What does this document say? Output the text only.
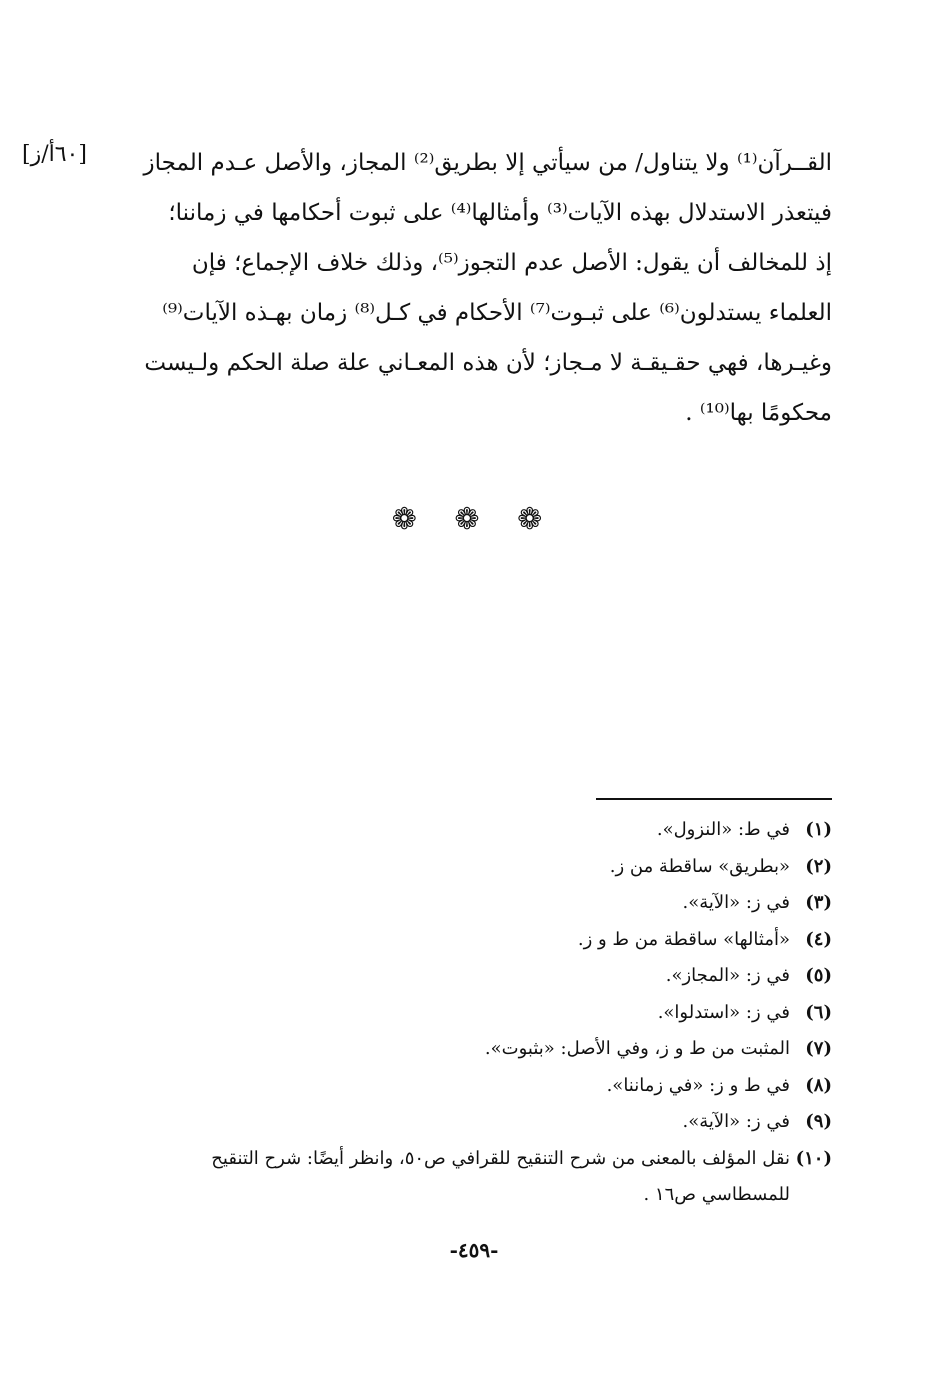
[٦٠أ/ز]	القــرآن⁽¹⁾ ولا يتناول/ من سيأتي إلا بطريق⁽²⁾ المجاز، والأصل عـدم المجاز
فيتعذر الاستدلال بهذه الآيات⁽³⁾ وأمثالها⁽⁴⁾ على ثبوت أحكامها في زماننا؛
إذ للمخالف أن يقول: الأصل عدم التجوز⁽⁵⁾، وذلك خلاف الإجماع؛ فإن
العلماء يستدلون⁽⁶⁾ على ثبـوت⁽⁷⁾ الأحكام في كـل⁽⁸⁾ زمان بهـذه الآيات⁽⁹⁾
وغيـرها، فهي حقـيقـة لا مـجاز؛ لأن هذه المعـاني علة صلة الحكم ولـيست
محكومًا بها⁽¹⁰⁾ .
❁ ❁ ❁
(١)
في ط: «النزول».
(٢)
«بطريق» ساقطة من ز.
(٣)
في ز: «الآية».
(٤)
«أمثالها» ساقطة من ط و ز.
(٥)
في ز: «المجاز».
(٦)
في ز: «استدلوا».
(٧)
المثبت من ط و ز، وفي الأصل: «بثبوت».
(٨)
في ط و ز: «في زماننا».
(٩)
في ز: «الآية».
(١٠)
نقل المؤلف بالمعنى من شرح التنقيح للقرافي ص٥٠، وانظر أيضًا: شرح التنقيح
للمسطاسي ص١٦ .
-٤٥٩-
